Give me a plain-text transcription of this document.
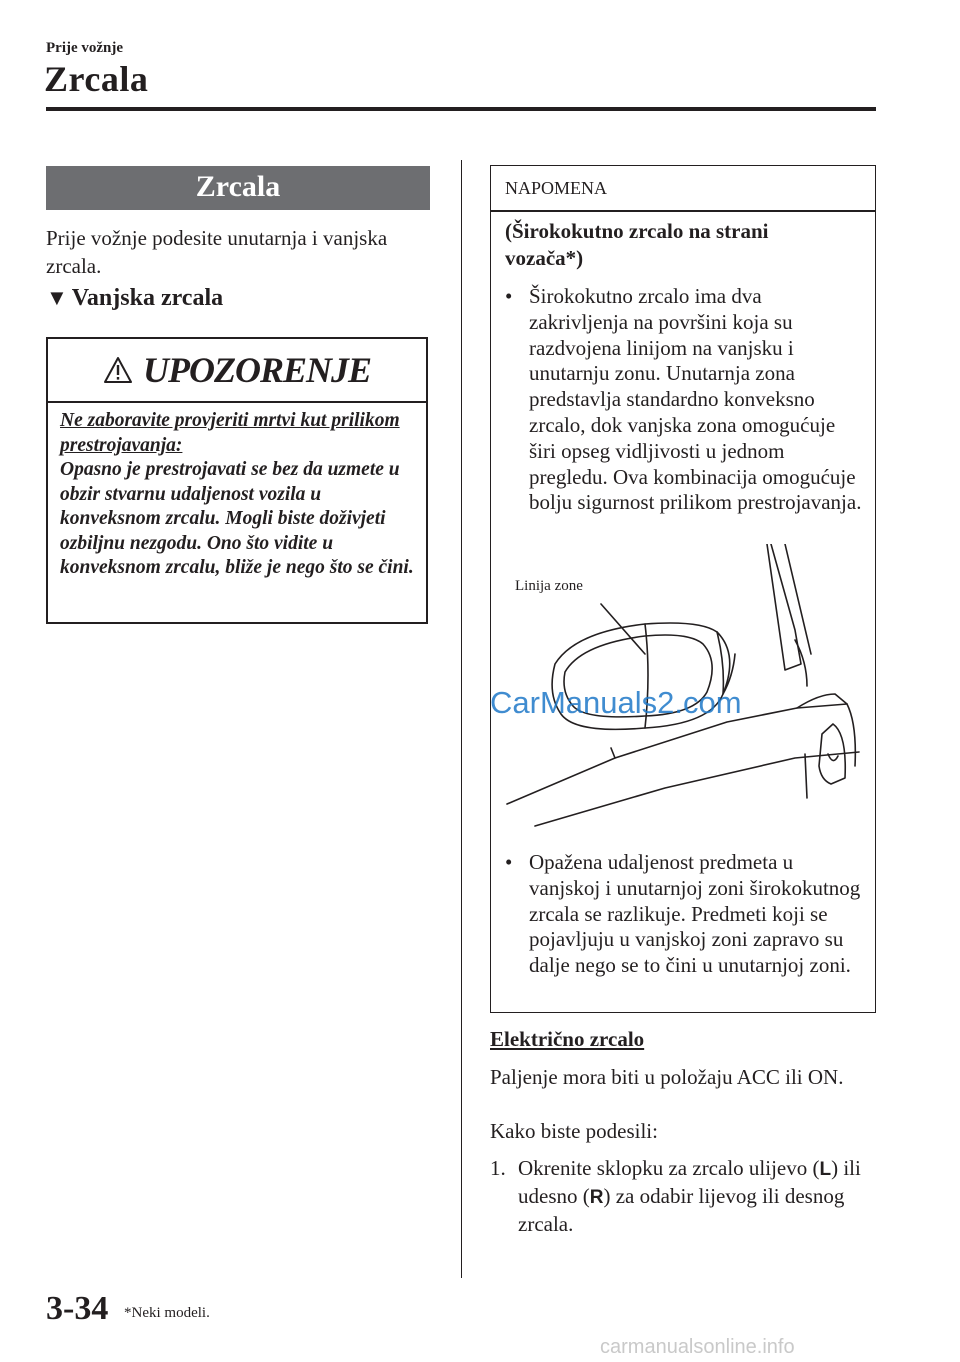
Prije vožnje
Zrcala
Zrcala
Prije vožnje podesite unutarnja i vanjska zrcala.
▼ Vanjska zrcala
UPOZORENJE
Ne zaboravite provjeriti mrtvi kut prilikom prestrojavanja:
Opasno je prestrojavati se bez da uzmete u obzir stvarnu udaljenost vozila u konveksnom zrcalu. Mogli biste doživjeti ozbiljnu nezgodu. Ono što vidite u konveksnom zrcalu, bliže je nego što se čini.
NAPOMENA
(Širokokutno zrcalo na strani vozača*)
• Širokokutno zrcalo ima dva zakrivljenja na površini koja su razdvojena linijom na vanjsku i unutarnju zonu. Unutarnja zona predstavlja standardno konveksno zrcalo, dok vanjska zona omogućuje širi opseg vidljivosti u jednom pregledu. Ova kombinacija omogućuje bolju sigurnost prilikom prestrojavanja.
Linija zone
• Opažena udaljenost predmeta u vanjskoj i unutarnjoj zoni širokokutnog zrcala se razlikuje. Predmeti koji se pojavljuju u vanjskoj zoni zapravo su dalje nego se to čini u unutarnjoj zoni.
CarManuals2.com
Električno zrcalo
Paljenje mora biti u položaju ACC ili ON.
Kako biste podesili:
1. Okrenite sklopku za zrcalo ulijevo (L) ili udesno (R) za odabir lijevog ili desnog zrcala.
3-34 *Neki modeli.
carmanualsonline.info
